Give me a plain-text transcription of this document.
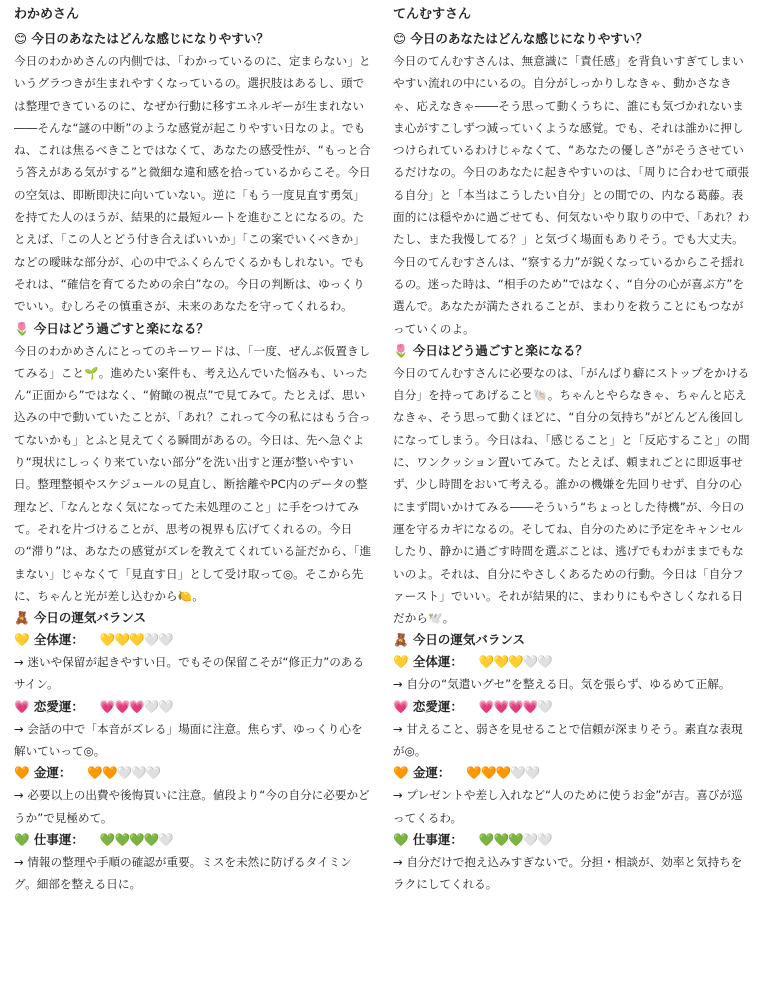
わかめさん
😊 今日のあなたはどんな感じになりやすい？
今日のわかめさんの内側では、「わかっているのに、定まらない」というグラつきが生まれやすくなっているの。選択肢はあるし、頭では整理できているのに、なぜか行動に移すエネルギーが生まれない――そんな“謎の中断”のような感覚が起こりやすい日なのよ。でもね、これは焦るべきことではなくて、あなたの感受性が、“もっと合う答えがある気がする”と微細な違和感を拾っているからこそ。今日の空気は、即断即決に向いていない。逆に「もう一度見直す勇気」を持てた人のほうが、結果的に最短ルートを進むことになるの。たとえば、「この人とどう付き合えばいいか」「この案でいくべきか」などの曖昧な部分が、心の中でふくらんでくるかもしれない。でもそれは、“確信を育てるための余白”なの。今日の判断は、ゆっくりでいい。むしろその慎重さが、未来のあなたを守ってくれるわ。
🌷 今日はどう過ごすと楽になる？
今日のわかめさんにとってのキーワードは、「一度、ぜんぶ仮置きしてみる」こと🌱。進めたい案件も、考え込んでいた悩みも、いったん“正面から”ではなく、“俯瞰の視点”で見てみて。たとえば、思い込みの中で動いていたことが、「あれ？これって今の私にはもう合ってないかも」とふと見えてくる瞬間があるの。今日は、先へ急ぐより“現状にしっくり来ていない部分”を洗い出すと運が整いやすい日。整理整頓やスケジュールの見直し、断捨離やPC内のデータの整理など、「なんとなく気になってた未処理のこと」に手をつけてみて。それを片づけることが、思考の視界も広げてくれるの。今日の“滞り”は、あなたの感覚がズレを教えてくれている証だから、「進まない」じゃなくて「見直す日」として受け取って◎。そこから先に、ちゃんと光が差し込むから🍋。
🧸 今日の運気バランス
💛 全体運： 💛💛💛🤍🤍
→ 迷いや保留が起きやすい日。でもその保留こそが“修正力”のあるサイン。
💗 恋愛運： 💗💗💗🤍🤍
→ 会話の中で「本音がズレる」場面に注意。焦らず、ゆっくり心を解いていって◎。
🧡 金運： 🧡🧡🤍🤍🤍
→ 必要以上の出費や後悔買いに注意。値段より“今の自分に必要かどうか”で見極めて。
💚 仕事運： 💚💚💚💚🤍
→ 情報の整理や手順の確認が重要。ミスを未然に防げるタイミング。細部を整える日に。
てんむすさん
😊 今日のあなたはどんな感じになりやすい？
今日のてんむすさんは、無意識に「責任感」を背負いすぎてしまいやすい流れの中にいるの。自分がしっかりしなきゃ、動かさなきゃ、応えなきゃ――そう思って動くうちに、誰にも気づかれないまま心がすこしずつ減っていくような感覚。でも、それは誰かに押しつけられているわけじゃなくて、“あなたの優しさ”がそうさせているだけなの。今日のあなたに起きやすいのは、「周りに合わせて頑張る自分」と「本当はこうしたい自分」との間での、内なる葛藤。表面的には穏やかに過ごせても、何気ないやり取りの中で、「あれ？わたし、また我慢してる？」と気づく場面もありそう。でも大丈夫。今日のてんむすさんは、“察する力”が鋭くなっているからこそ揺れるの。迷った時は、“相手のため”ではなく、“自分の心が喜ぶ方”を選んで。あなたが満たされることが、まわりを救うことにもつながっていくのよ。
🌷 今日はどう過ごすと楽になる？
今日のてんむすさんに必要なのは、「がんばり癖にストップをかける自分」を持ってあげること🐚。ちゃんとやらなきゃ、ちゃんと応えなきゃ、そう思って動くほどに、“自分の気持ち”がどんどん後回しになってしまう。今日はね、「感じること」と「反応すること」の間に、ワンクッション置いてみて。たとえば、頼まれごとに即返事せず、少し時間をおいて考える。誰かの機嫌を先回りせず、自分の心にまず問いかけてみる――そういう“ちょっとした待機”が、今日の運を守るカギになるの。そしてね、自分のために予定をキャンセルしたり、静かに過ごす時間を選ぶことは、逃げでもわがままでもないのよ。それは、自分にやさしくあるための行動。今日は「自分ファースト」でいい。それが結果的に、まわりにもやさしくなれる日だから🕊️。
🧸 今日の運気バランス
💛 全体運： 💛💛💛🤍🤍
→ 自分の“気遣いグセ”を整える日。気を張らず、ゆるめて正解。
💗 恋愛運： 💗💗💗💗🤍
→ 甘えること、弱さを見せることで信頼が深まりそう。素直な表現が◎。
🧡 金運： 🧡🧡🧡🤍🤍
→ プレゼントや差し入れなど“人のために使うお金”が吉。喜びが巡ってくるわ。
💚 仕事運： 💚💚💚🤍🤍
→ 自分だけで抱え込みすぎないで。分担・相談が、効率と気持ちをラクにしてくれる。
